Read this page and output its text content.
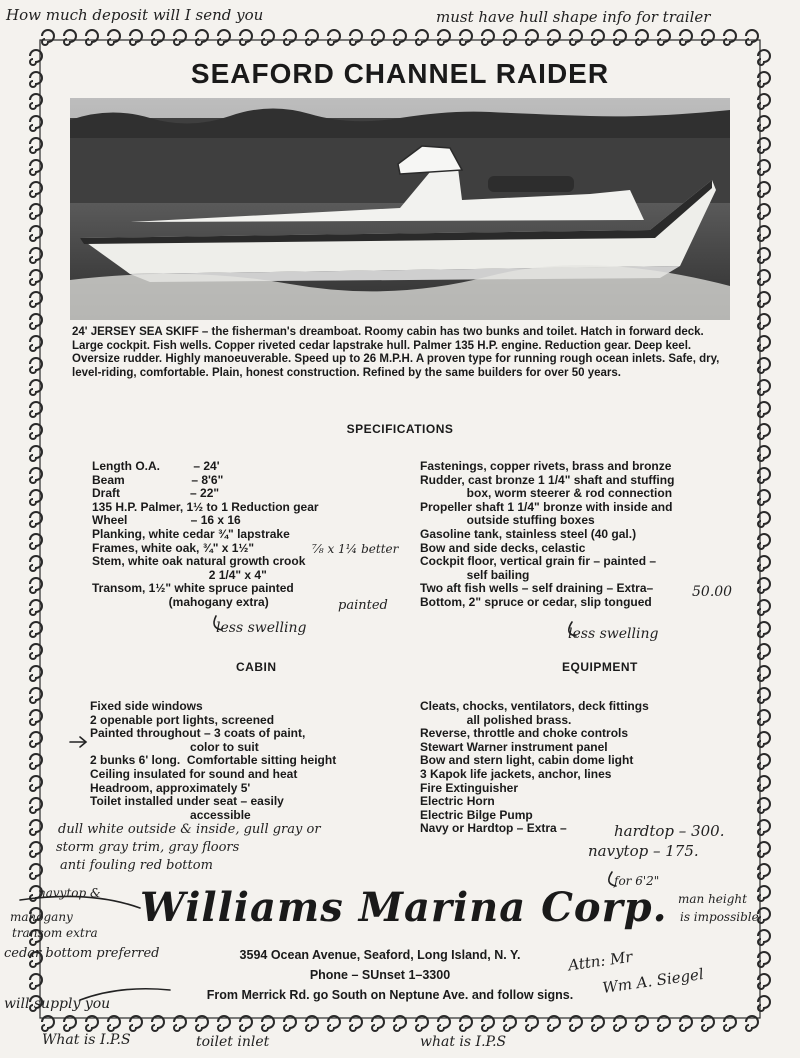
SEAFORD CHANNEL RAIDER
24' JERSEY SEA SKIFF – the fisherman's dreamboat. Roomy cabin has two bunks and toilet. Hatch in forward deck. Large cockpit. Fish wells. Copper riveted cedar lapstrake hull. Palmer 135 H.P. engine. Reduction gear. Deep keel. Oversize rudder. Highly manoeuverable. Speed up to 26 M.P.H. A proven type for running rough ocean inlets. Safe, dry, level-riding, comfortable. Plain, honest construction. Refined by the same builders for over 50 years.
SPECIFICATIONS
Length O.A.          – 24'
Beam                    – 8'6"
Draft                     – 22"
135 H.P. Palmer, 1½ to 1 Reduction gear
Wheel                   – 16 x 16
Planking, white cedar ¾" lapstrake
Frames, white oak, ¾" x 1½"
Stem, white oak natural growth crook
2 1/4" x 4"
Transom, 1½" white spruce painted
(mahogany extra)
Fastenings, copper rivets, brass and bronze
Rudder, cast bronze 1 1/4" shaft and stuffing
box, worm steerer & rod connection
Propeller shaft 1 1/4" bronze with inside and
outside stuffing boxes
Gasoline tank, stainless steel (40 gal.)
Bow and side decks, celastic
Cockpit floor, vertical grain fir – painted –
self bailing
Two aft fish wells – self draining – Extra–
Bottom, 2" spruce or cedar, slip tongued
50.00
CABIN
Fixed side windows
2 openable port lights, screened
Painted throughout – 3 coats of paint,
color to suit
2 bunks 6' long.  Comfortable sitting height
Ceiling insulated for sound and heat
Headroom, approximately 5'
Toilet installed under seat – easily
accessible
EQUIPMENT
Cleats, chocks, ventilators, deck fittings
all polished brass.
Reverse, throttle and choke controls
Stewart Warner instrument panel
Bow and stern light, cabin dome light
3 Kapok life jackets, anchor, lines
Fire Extinguisher
Electric Horn
Electric Bilge Pump
Navy or Hardtop – Extra –	hardtop – 300.
navytop – 175.
Williams Marina Corp.
3594 Ocean Avenue, Seaford, Long Island, N. Y.
Phone – SUnset 1–3300
From Merrick Rd. go South on Neptune Ave. and follow signs.
How much deposit will I send you	must have hull shape info for trailer
⅞ x 1¼ better
painted
less swelling	less swelling
dull white outside & inside, gull gray or
storm gray trim, gray floors
anti fouling red bottom
navytop &
mahogany
transom extra
cedar bottom preferred
will supply you
for 6'2"
man height
is impossible
Attn: Mr
Wm A. Siegel
What is I.P.S	toilet inlet	what is I.P.S
